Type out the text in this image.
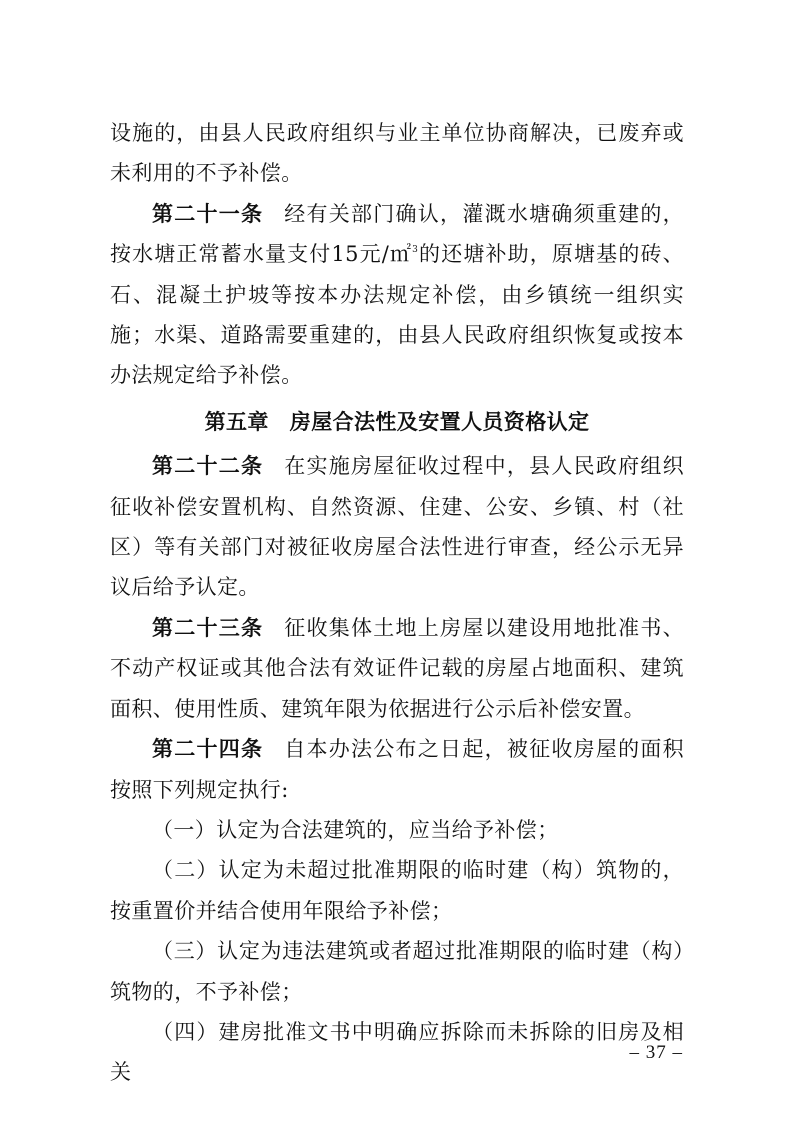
设施的，由县人民政府组织与业主单位协商解决，已废弃或未利用的不予补偿。

第二十一条 经有关部门确认，灌溉水塘确须重建的，按水塘正常蓄水量支付15元/㎡$^3$的还塘补助，原塘基的砖、石、混凝土护坡等按本办法规定补偿，由乡镇统一组织实施；水渠、道路需要重建的，由县人民政府组织恢复或按本办法规定给予补偿。

第五章 房屋合法性及安置人员资格认定

第二十二条 在实施房屋征收过程中，县人民政府组织征收补偿安置机构、自然资源、住建、公安、乡镇、村（社区）等有关部门对被征收房屋合法性进行审查，经公示无异议后给予认定。

第二十三条 征收集体土地上房屋以建设用地批准书、不动产权证或其他合法有效证件记载的房屋占地面积、建筑面积、使用性质、建筑年限为依据进行公示后补偿安置。

第二十四条 自本办法公布之日起，被征收房屋的面积按照下列规定执行:

（一）认定为合法建筑的，应当给予补偿；

（二）认定为未超过批准期限的临时建（构）筑物的，按重置价并结合使用年限给予补偿；

（三）认定为违法建筑或者超过批准期限的临时建（构）筑物的，不予补偿；

（四）建房批准文书中明确应拆除而未拆除的旧房及相关

– 37 –
